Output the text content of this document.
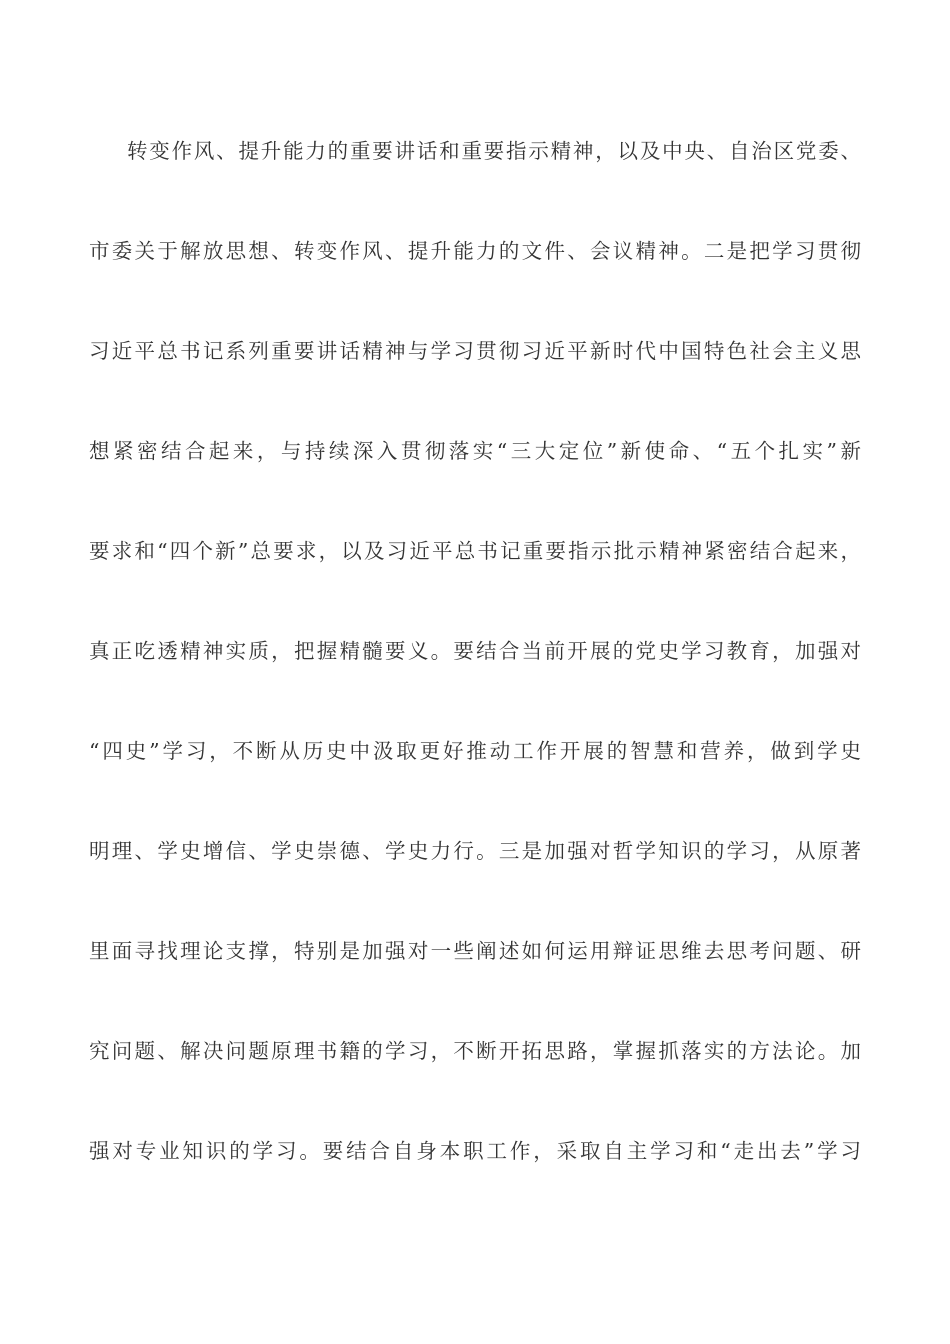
转变作风、提升能力的重要讲话和重要指示精神，以及中央、自治区党委、
市委关于解放思想、转变作风、提升能力的文件、会议精神。二是把学习贯彻
习近平总书记系列重要讲话精神与学习贯彻习近平新时代中国特色社会主义思
想紧密结合起来，与持续深入贯彻落实“三大定位”新使命、“五个扎实”新
要求和“四个新”总要求，以及习近平总书记重要指示批示精神紧密结合起来，
真正吃透精神实质，把握精髓要义。要结合当前开展的党史学习教育，加强对
“四史”学习，不断从历史中汲取更好推动工作开展的智慧和营养，做到学史
明理、学史增信、学史崇德、学史力行。三是加强对哲学知识的学习，从原著
里面寻找理论支撑，特别是加强对一些阐述如何运用辩证思维去思考问题、研
究问题、解决问题原理书籍的学习，不断开拓思路，掌握抓落实的方法论。加
强对专业知识的学习。要结合自身本职工作，采取自主学习和“走出去”学习
